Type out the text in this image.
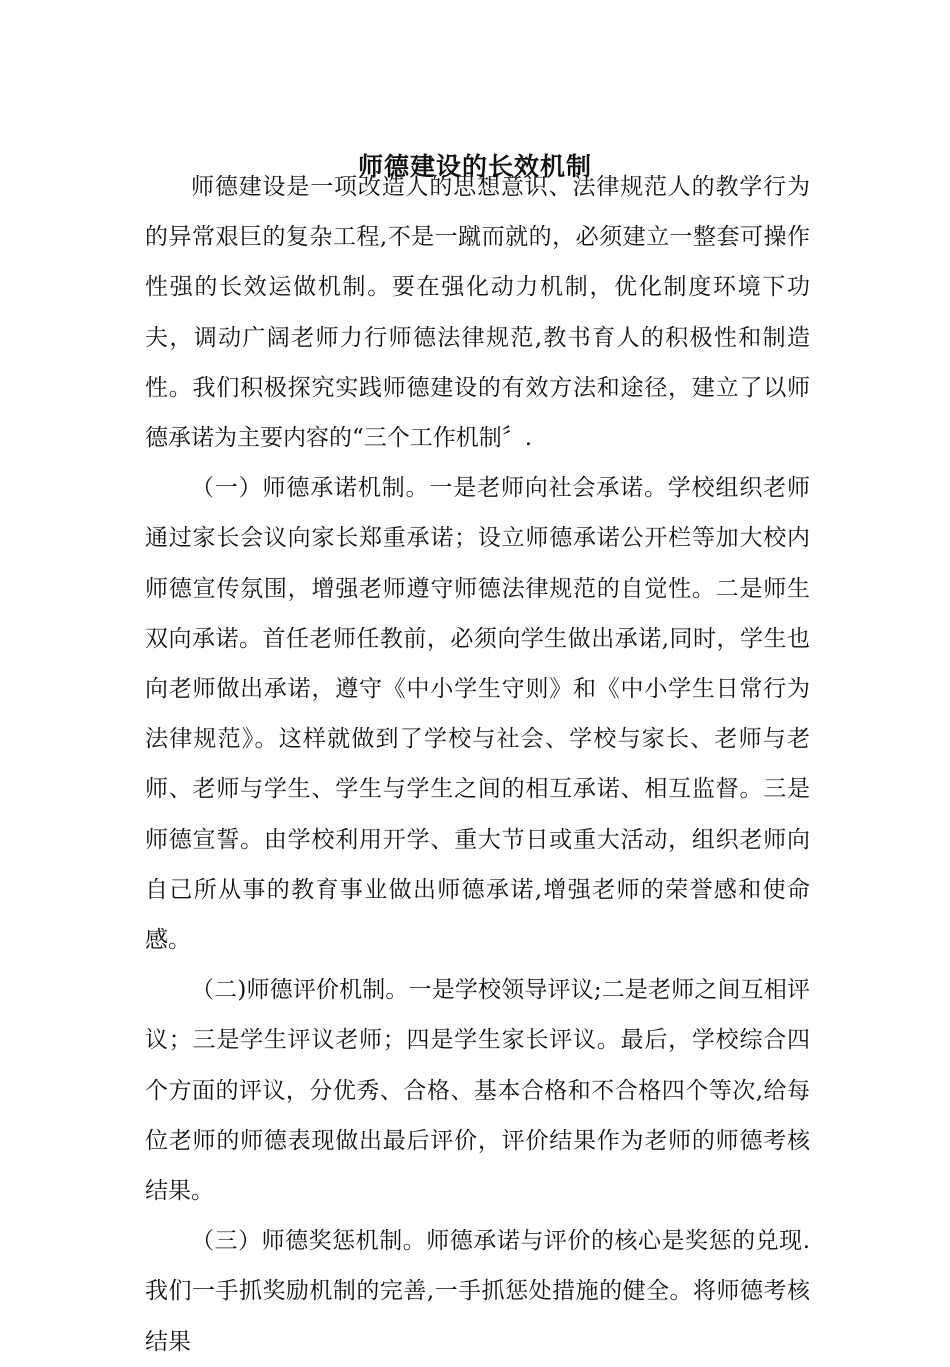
师德建设的长效机制

师德建设是一项改造人的思想意识、法律规范人的教学行为的异常艰巨的复杂工程,不是一蹴而就的，必须建立一整套可操作性强的长效运做机制。要在强化动力机制，优化制度环境下功夫，调动广阔老师力行师德法律规范,教书育人的积极性和制造性。我们积极探究实践师德建设的有效方法和途径，建立了以师德承诺为主要内容的“三个工作机制〞.

（一）师德承诺机制。一是老师向社会承诺。学校组织老师通过家长会议向家长郑重承诺；设立师德承诺公开栏等加大校内师德宣传氛围，增强老师遵守师德法律规范的自觉性。二是师生双向承诺。首任老师任教前，必须向学生做出承诺,同时，学生也向老师做出承诺，遵守《中小学生守则》和《中小学生日常行为法律规范》。这样就做到了学校与社会、学校与家长、老师与老师、老师与学生、学生与学生之间的相互承诺、相互监督。三是师德宣誓。由学校利用开学、重大节日或重大活动，组织老师向自己所从事的教育事业做出师德承诺,增强老师的荣誉感和使命感。

（二)师德评价机制。一是学校领导评议;二是老师之间互相评议；三是学生评议老师；四是学生家长评议。最后，学校综合四个方面的评议，分优秀、合格、基本合格和不合格四个等次,给每位老师的师德表现做出最后评价，评价结果作为老师的师德考核结果。

（三）师德奖惩机制。师德承诺与评价的核心是奖惩的兑现.我们一手抓奖励机制的完善,一手抓惩处措施的健全。将师德考核结果
